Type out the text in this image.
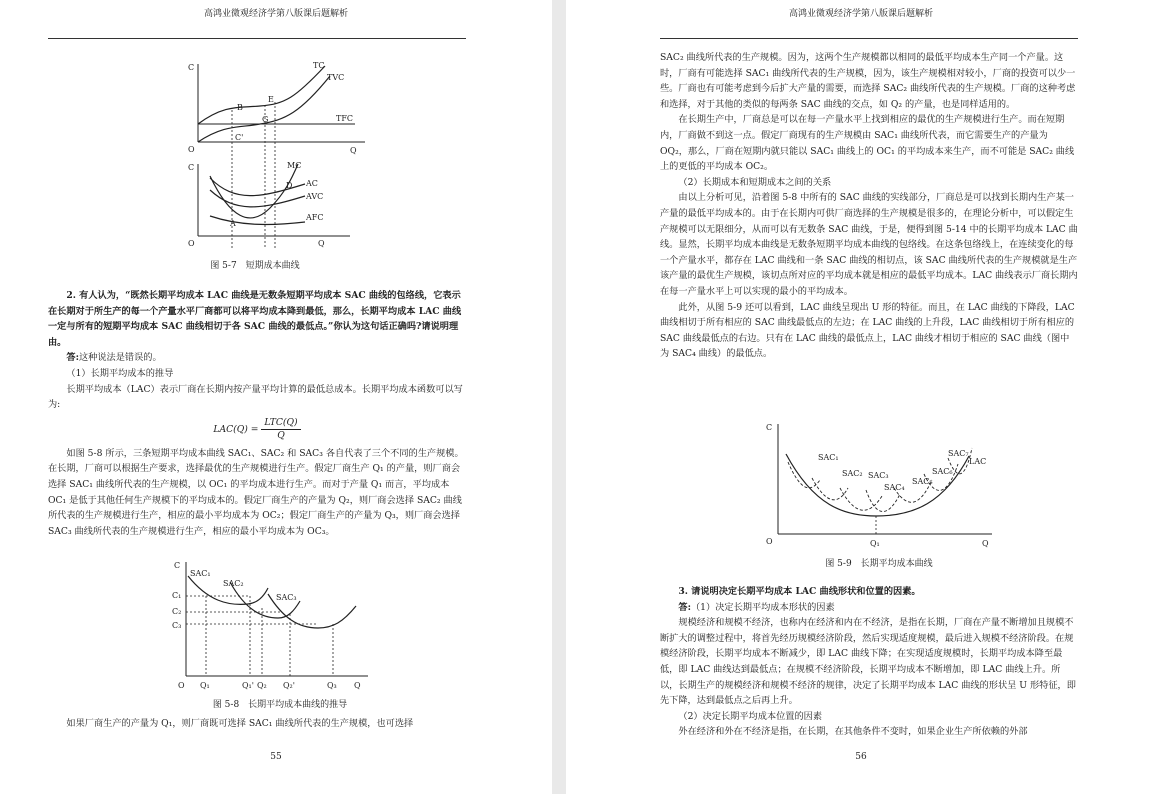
高鸿业微观经济学第八版课后题解析
C
O	Q
TFC
TC
TVC
B
E
G
C'
C
O	Q
MC
AC
AVC
AFC
A
D
图 5-7　短期成本曲线

2. 有人认为，“既然长期平均成本 LAC 曲线是无数条短期平均成本 SAC 曲线的包络线，它表示在长期对于所生产的每一个产量水平厂商都可以将平均成本降到最低，那么，长期平均成本 LAC 曲线一定与所有的短期平均成本 SAC 曲线相切于各 SAC 曲线的最低点。”你认为这句话正确吗?请说明理由。

答:这种说法是错误的。

（1）长期平均成本的推导

长期平均成本（LAC）表示厂商在长期内按产量平均计算的最低总成本。长期平均成本函数可以写为:

$LAC(Q) = \frac{\text{LTC(Q)}}{Q}$

如图 5-8 所示，三条短期平均成本曲线 SAC₁、SAC₂ 和 SAC₃ 各自代表了三个不同的生产规模。在长期，厂商可以根据生产要求，选择最优的生产规模进行生产。假定厂商生产 Q₁ 的产量，则厂商会选择 SAC₁ 曲线所代表的生产规模，以 OC₁ 的平均成本进行生产。而对于产量 Q₁ 而言，平均成本 OC₁ 是低于其他任何生产规模下的平均成本的。假定厂商生产的产量为 Q₂，则厂商会选择 SAC₂ 曲线所代表的生产规模进行生产，相应的最小平均成本为 OC₂；假定厂商生产的产量为 Q₃，则厂商会选择 SAC₃ 曲线所代表的生产规模进行生产，相应的最小平均成本为 OC₃。

C
O	Q
SAC₁
SAC₂
SAC₃
C₁
C₂
C₃
Q₁	Q₁' Q₂ Q₂'	Q₃
图 5-8　长期平均成本曲线的推导

如果厂商生产的产量为 Q₁，则厂商既可选择 SAC₁ 曲线所代表的生产规模，也可选择

55
高鸿业微观经济学第八版课后题解析

SAC₂ 曲线所代表的生产规模。因为，这两个生产规模都以相同的最低平均成本生产同一个产量。这时，厂商有可能选择 SAC₁ 曲线所代表的生产规模，因为，该生产规模相对较小，厂商的投资可以少一些。厂商也有可能考虑到今后扩大产量的需要，而选择 SAC₂ 曲线所代表的生产规模。厂商的这种考虑和选择，对于其他的类似的每两条 SAC 曲线的交点，如 Q₂ 的产量，也是同样适用的。

在长期生产中，厂商总是可以在每一产量水平上找到相应的最优的生产规模进行生产。而在短期内，厂商做不到这一点。假定厂商现有的生产规模由 SAC₁ 曲线所代表，而它需要生产的产量为 OQ₂，那么，厂商在短期内就只能以 SAC₁ 曲线上的 OC₁ 的平均成本来生产，而不可能是 SAC₂ 曲线上的更低的平均成本 OC₂。

（2）长期成本和短期成本之间的关系

由以上分析可见，沿着图 5-8 中所有的 SAC 曲线的实线部分，厂商总是可以找到长期内生产某一产量的最低平均成本的。由于在长期内可供厂商选择的生产规模是很多的，在理论分析中，可以假定生产规模可以无限细分，从而可以有无数条 SAC 曲线，于是，便得到图 5-14 中的长期平均成本 LAC 曲线。显然，长期平均成本曲线是无数条短期平均成本曲线的包络线。在这条包络线上，在连续变化的每一个产量水平，都存在 LAC 曲线和一条 SAC 曲线的相切点，该 SAC 曲线所代表的生产规模就是生产该产量的最优生产规模，该切点所对应的平均成本就是相应的最低平均成本。LAC 曲线表示厂商长期内在每一产量水平上可以实现的最小的平均成本。

此外，从图 5-9 还可以看到，LAC 曲线呈现出 U 形的特征。而且，在 LAC 曲线的下降段，LAC 曲线相切于所有相应的 SAC 曲线最低点的左边；在 LAC 曲线的上升段，LAC 曲线相切于所有相应的 SAC 曲线最低点的右边。只有在 LAC 曲线的最低点上，LAC 曲线才相切于相应的 SAC 曲线（图中为 SAC₄ 曲线）的最低点。

C
O	Q
LAC
SAC₁
SAC₂ SAC₃
SAC₄
SAC₅
SAC₆
SAC₇
Q₁
图 5-9　长期平均成本曲线

3. 请说明决定长期平均成本 LAC 曲线形状和位置的因素。

答:（1）决定长期平均成本形状的因素

规模经济和规模不经济，也称内在经济和内在不经济，是指在长期，厂商在产量不断增加且规模不断扩大的调整过程中，将首先经历规模经济阶段，然后实现适度规模，最后进入规模不经济阶段。在规模经济阶段，长期平均成本不断减少，即 LAC 曲线下降；在实现适度规模时，长期平均成本降至最低，即 LAC 曲线达到最低点；在规模不经济阶段，长期平均成本不断增加，即 LAC 曲线上升。所以，长期生产的规模经济和规模不经济的规律，决定了长期平均成本 LAC 曲线的形状呈 U 形特征，即先下降，达到最低点之后再上升。

（2）决定长期平均成本位置的因素

外在经济和外在不经济是指，在长期，在其他条件不变时，如果企业生产所依赖的外部

56
